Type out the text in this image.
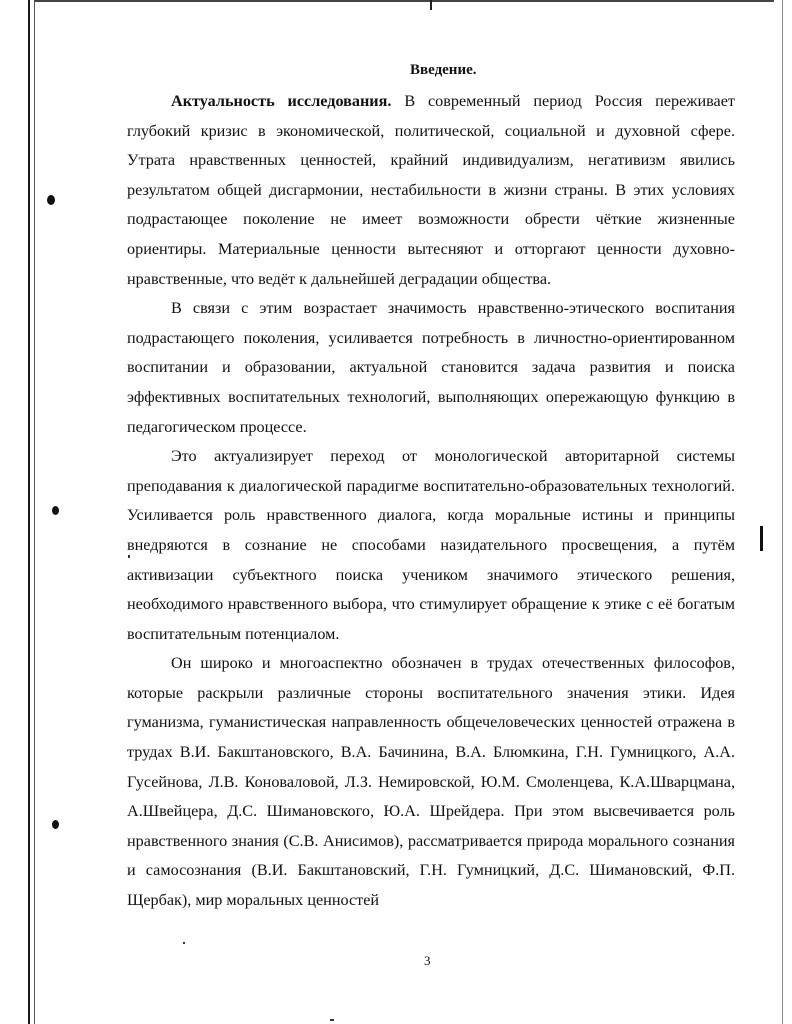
Введение.

Актуальность исследования. В современный период Россия переживает глубокий кризис в экономической, политической, социальной и духовной сфере. Утрата нравственных ценностей, крайний индивидуализм, негативизм явились результатом общей дисгармонии, нестабильности в жизни страны. В этих условиях подрастающее поколение не имеет возможности обрести чёткие жизненные ориентиры. Материальные ценности вытесняют и отторгают ценности духовно-нравственные, что ведёт к дальнейшей деградации общества.

В связи с этим возрастает значимость нравственно-этического воспитания подрастающего поколения, усиливается потребность в личностно-ориентированном воспитании и образовании, актуальной становится задача развития и поиска эффективных воспитательных технологий, выполняющих опережающую функцию в педагогическом процессе.

Это актуализирует переход от монологической авторитарной системы преподавания к диалогической парадигме воспитательно-образовательных технологий. Усиливается роль нравственного диалога, когда моральные истины и принципы внедряются в сознание не способами назидательного просвещения, а путём активизации субъектного поиска учеником значимого этического решения, необходимого нравственного выбора, что стимулирует обращение к этике с её богатым воспитательным потенциалом.

Он широко и многоаспектно обозначен в трудах отечественных философов, которые раскрыли различные стороны воспитательного значения этики. Идея гуманизма, гуманистическая направленность общечеловеческих ценностей отражена в трудах В.И. Бакштановского, В.А. Бачинина, В.А. Блюмкина, Г.Н. Гумницкого, А.А. Гусейнова, Л.В. Коноваловой, Л.З. Немировской, Ю.М. Смоленцева, К.А.Шварцмана, А.Швейцера, Д.С. Шимановского, Ю.А. Шрейдера. При этом высвечивается роль нравственного знания (С.В. Анисимов), рассматривается природа морального сознания и самосознания (В.И. Бакштановский, Г.Н. Гумницкий, Д.С. Шимановский, Ф.П. Щербак), мир моральных ценностей

3
